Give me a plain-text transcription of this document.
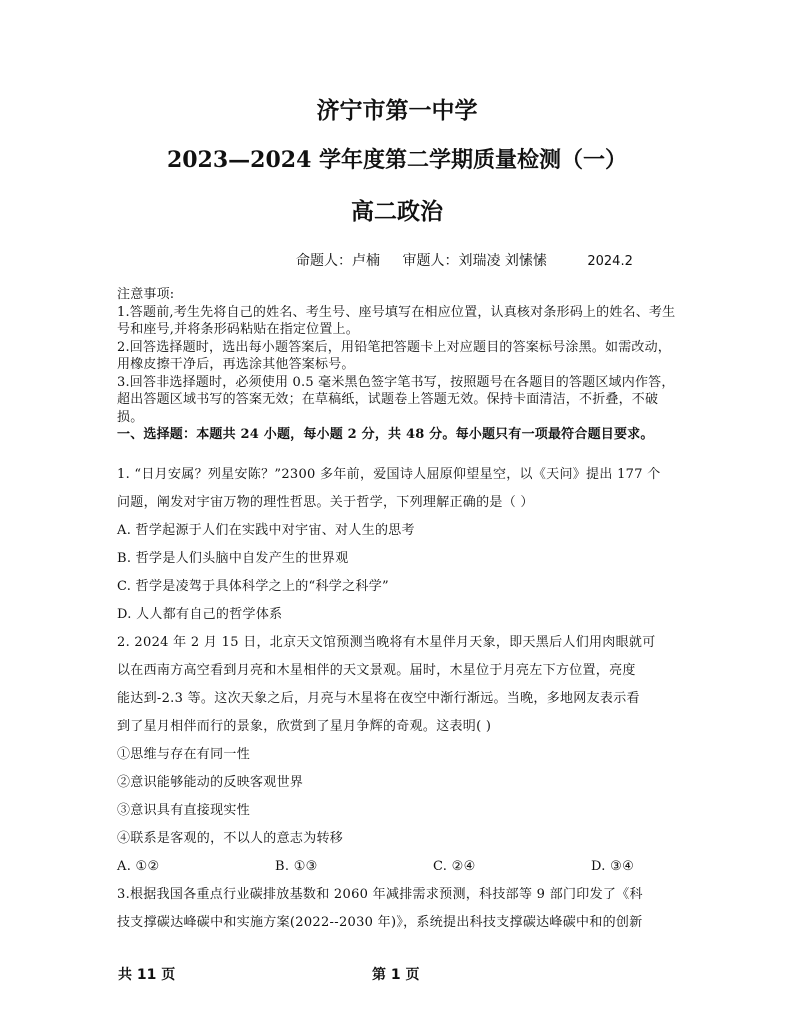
济宁市第一中学
2023—2024 学年度第二学期质量检测（一）
高二政治
命题人：卢楠 审题人：刘瑞凌 刘愫愫	2024.2

注意事项:

1.答题前,考生先将自己的姓名、考生号、座号填写在相应位置，认真核对条形码上的姓名、考生号和座号,并将条形码粘贴在指定位置上。

2.回答选择题时，选出每小题答案后，用铅笔把答题卡上对应题目的答案标号涂黑。如需改动，用橡皮擦干净后，再选涂其他答案标号。

3.回答非选择题时，必须使用 0.5 毫米黑色签字笔书写，按照题号在各题目的答题区域内作答，超出答题区域书写的答案无效；在草稿纸，试题卷上答题无效。保持卡面清洁，不折叠，不破损。

一、选择题：本题共 24 小题，每小题 2 分，共 48 分。每小题只有一项最符合题目要求。

1. “日月安属？列星安陈？”2300 多年前，爱国诗人屈原仰望星空，以《天问》提出 177 个

问题，阐发对宇宙万物的理性哲思。关于哲学，下列理解正确的是（ ）

A. 哲学起源于人们在实践中对宇宙、对人生的思考

B. 哲学是人们头脑中自发产生的世界观

C. 哲学是凌驾于具体科学之上的“科学之科学”

D. 人人都有自己的哲学体系

2. 2024 年 2 月 15 日，北京天文馆预测当晚将有木星伴月天象，即天黑后人们用肉眼就可

以在西南方高空看到月亮和木星相伴的天文景观。届时，木星位于月亮左下方位置，亮度

能达到-2.3 等。这次天象之后，月亮与木星将在夜空中渐行渐远。当晚，多地网友表示看

到了星月相伴而行的景象，欣赏到了星月争辉的奇观。这表明( )

①思维与存在有同一性

②意识能够能动的反映客观世界

③意识具有直接现实性

④联系是客观的，不以人的意志为转移

A. ①②	B. ①③	C. ②④	D. ③④

3.根据我国各重点行业碳排放基数和 2060 年减排需求预测，科技部等 9 部门印发了《科

技支撑碳达峰碳中和实施方案(2022--2030 年)》，系统提出科技支撑碳达峰碳中和的创新

共 11 页	第 1 页
